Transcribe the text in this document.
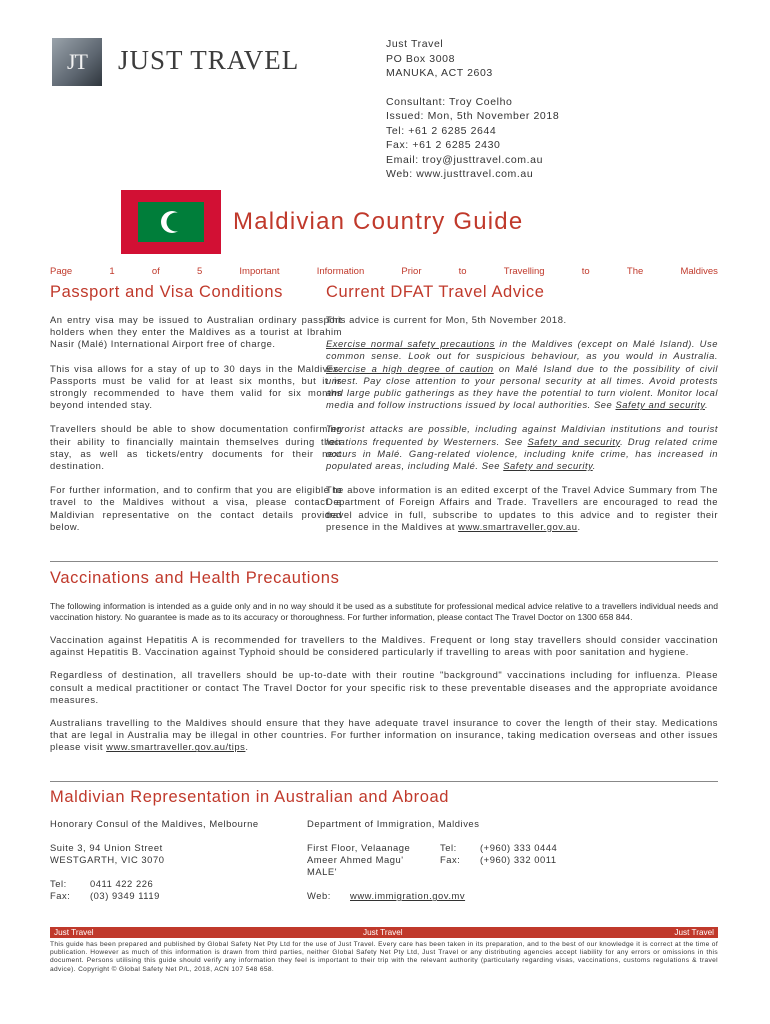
JT	JUST TRAVEL
Just Travel
PO Box 3008
MANUKA, ACT 2603
Consultant: Troy Coelho
Issued: Mon, 5th November 2018
Tel: +61 2 6285 2644
Fax: +61 2 6285 2430
Email: troy@justtravel.com.au
Web: www.justtravel.com.au
Maldivian Country Guide
Page	1	of	5	Important	Information	Prior	to	Travelling	to	The	Maldives
Passport and Visa Conditions
An entry visa may be issued to Australian ordinary passport holders when they enter the Maldives as a tourist at Ibrahim Nasir (Malé) International Airport free of charge.
This visa allows for a stay of up to 30 days in the Maldives. Passports must be valid for at least six months, but it is strongly recommended to have them valid for six months beyond intended stay.
Travellers should be able to show documentation confirming their ability to financially maintain themselves during their stay, as well as tickets/entry documents for their next destination.
For further information, and to confirm that you are eligible to travel to the Maldives without a visa, please contact a Maldivian representative on the contact details provided below.
Current DFAT Travel Advice
This advice is current for Mon, 5th November 2018.
Exercise normal safety precautions in the Maldives (except on Malé Island). Use common sense. Look out for suspicious behaviour, as you would in Australia. Exercise a high degree of caution on Malé Island due to the possibility of civil unrest. Pay close attention to your personal security at all times. Avoid protests and large public gatherings as they have the potential to turn violent. Monitor local media and follow instructions issued by local authorities. See Safety and security.
Terrorist attacks are possible, including against Maldivian institutions and tourist locations frequented by Westerners. See Safety and security. Drug related crime occurs in Malé. Gang-related violence, including knife crime, has increased in populated areas, including Malé. See Safety and security.
The above information is an edited excerpt of the Travel Advice Summary from The Department of Foreign Affairs and Trade. Travellers are encouraged to read the travel advice in full, subscribe to updates to this advice and to register their presence in the Maldives at www.smartraveller.gov.au.
Vaccinations and Health Precautions
The following information is intended as a guide only and in no way should it be used as a substitute for professional medical advice relative to a travellers individual needs and vaccination history. No guarantee is made as to its accuracy or thoroughness. For further information, please contact The Travel Doctor on 1300 658 844.
Vaccination against Hepatitis A is recommended for travellers to the Maldives. Frequent or long stay travellers should consider vaccination against Hepatitis B. Vaccination against Typhoid should be considered particularly if travelling to areas with poor sanitation and hygiene.
Regardless of destination, all travellers should be up-to-date with their routine "background" vaccinations including for influenza. Please consult a medical practitioner or contact The Travel Doctor for your specific risk to these preventable diseases and the appropriate avoidance measures.
Australians travelling to the Maldives should ensure that they have adequate travel insurance to cover the length of their stay. Medications that are legal in Australia may be illegal in other countries. For further information on insurance, taking medication overseas and other issues please visit www.smartraveller.gov.au/tips.
Maldivian Representation in Australian and Abroad
Honorary Consul of the Maldives, Melbourne
Suite 3, 94 Union Street
WESTGARTH, VIC 3070
Tel: 0411 422 226
Fax: (03) 9349 1119
Department of Immigration, Maldives
First Floor, Velaanage
Ameer Ahmed Magu'
MALE'
Tel: (+960) 333 0444
Fax: (+960) 332 0011
Web: www.immigration.gov.mv
Just Travel	Just Travel	Just Travel
This guide has been prepared and published by Global Safety Net Pty Ltd for the use of Just Travel. Every care has been taken in its preparation, and to the best of our knowledge it is correct at the time of publication. However as much of this information is drawn from third parties, neither Global Safety Net Pty Ltd, Just Travel or any distributing agencies accept liability for any errors or omissions in this document. Persons utilising this guide should verify any information they feel is important to their trip with the relevant authority (particularly regarding visas, vaccinations, customs regulations & travel advice). Copyright © Global Safety Net P/L, 2018, ACN 107 548 658.
